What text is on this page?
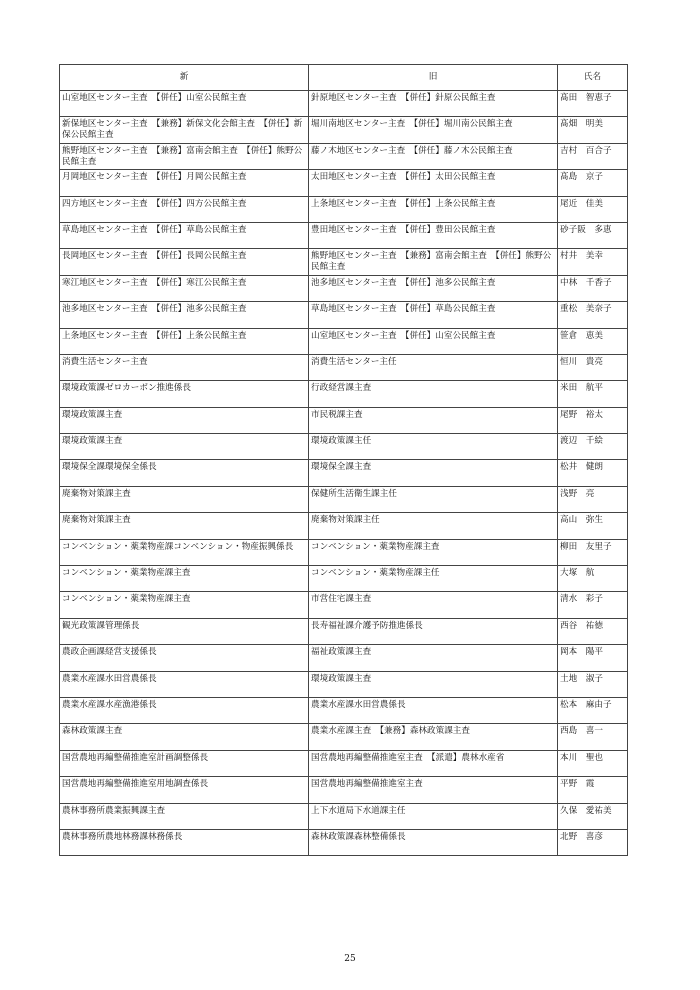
新	旧	氏名
山室地区センター主査　【併任】山室公民館主査	針原地区センター主査　【併任】針原公民館主査	髙田　智恵子
新保地区センター主査　【兼務】新保文化会館主査　【併任】新保公民館主査	堀川南地区センター主査　【併任】堀川南公民館主査	髙畑　明美
熊野地区センター主査　【兼務】富南会館主査　【併任】熊野公民館主査	藤ノ木地区センター主査　【併任】藤ノ木公民館主査	吉村　百合子
月岡地区センター主査　【併任】月岡公民館主査	太田地区センター主査　【併任】太田公民館主査	髙島　京子
四方地区センター主査　【併任】四方公民館主査	上条地区センター主査　【併任】上条公民館主査	尾近　佳美
草島地区センター主査　【併任】草島公民館主査	豊田地区センター主査　【併任】豊田公民館主査	砂子阪　多恵
長岡地区センター主査　【併任】長岡公民館主査	熊野地区センター主査　【兼務】富南会館主査　【併任】熊野公民館主査	村井　美幸
寒江地区センター主査　【併任】寒江公民館主査	池多地区センター主査　【併任】池多公民館主査	中林　千香子
池多地区センター主査　【併任】池多公民館主査	草島地区センター主査　【併任】草島公民館主査	重松　美奈子
上条地区センター主査　【併任】上条公民館主査	山室地区センター主査　【併任】山室公民館主査	笹倉　恵美
消費生活センター主査	消費生活センター主任	恒川　貴亮
環境政策課ゼロカーボン推進係長	行政経営課主査	米田　航平
環境政策課主査	市民税課主査	尾野　裕太
環境政策課主査	環境政策課主任	渡辺　千絵
環境保全課環境保全係長	環境保全課主査	松井　健朗
廃棄物対策課主査	保健所生活衛生課主任	浅野　亮
廃棄物対策課主査	廃棄物対策課主任	高山　弥生
コンベンション・薬業物産課コンベンション・物産振興係長	コンベンション・薬業物産課主査	柳田　友里子
コンベンション・薬業物産課主査	コンベンション・薬業物産課主任	大塚　航
コンベンション・薬業物産課主査	市営住宅課主査	清水　彩子
観光政策課管理係長	長寿福祉課介護予防推進係長	西谷　祐徳
農政企画課経営支援係長	福祉政策課主査	岡本　陽平
農業水産課水田営農係長	環境政策課主査	土地　淑子
農業水産課水産漁港係長	農業水産課水田営農係長	松本　麻由子
森林政策課主査	農業水産課主査　【兼務】森林政策課主査	西島　喜一
国営農地再編整備推進室計画調整係長	国営農地再編整備推進室主査　【派遣】農林水産省	本川　聖也
国営農地再編整備推進室用地調査係長	国営農地再編整備推進室主査	平野　霞
農林事務所農業振興課主査	上下水道局下水道課主任	久保　愛祐美
農林事務所農地林務課林務係長	森林政策課森林整備係長	北野　喜彦
25
